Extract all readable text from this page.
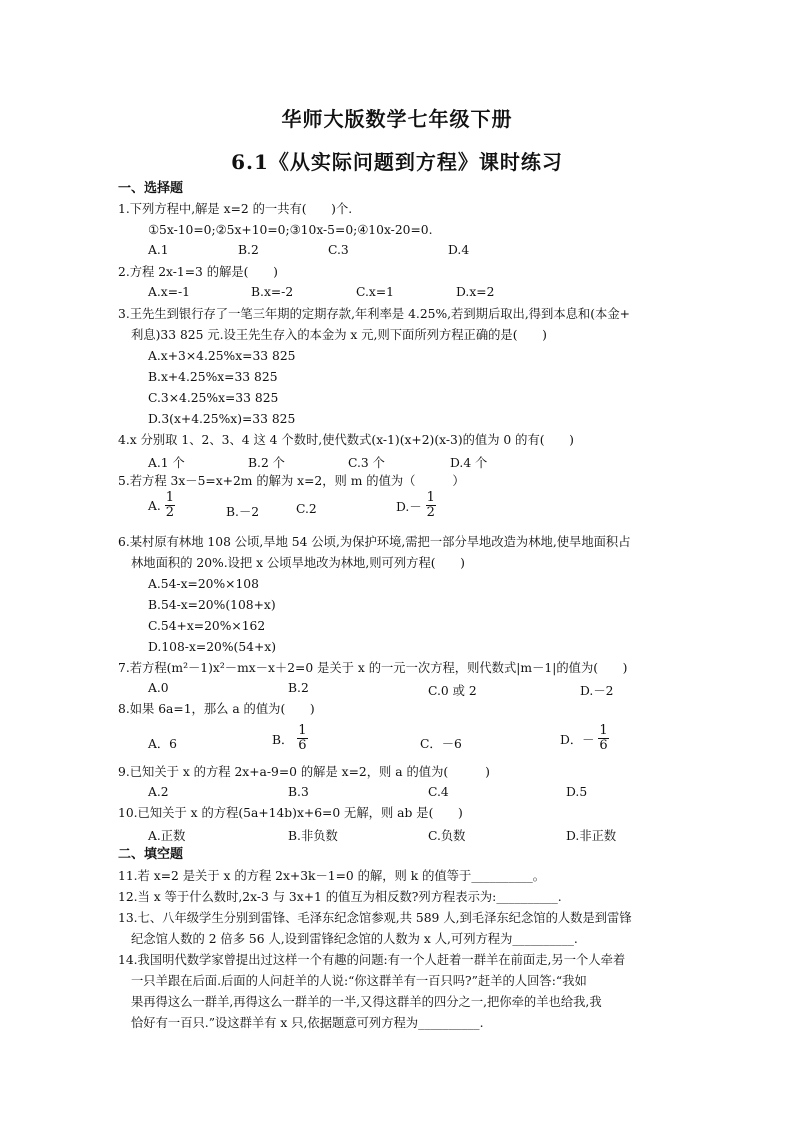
华师大版数学七年级下册
6.1《从实际问题到方程》课时练习
一、选择题
1.下列方程中,解是 x=2 的一共有(　　)个.
①5x-10=0;②5x+10=0;③10x-5=0;④10x-20=0.
A.1	B.2	C.3	D.4
2.方程 2x-1=3 的解是(　　)
A.x=-1	B.x=-2	C.x=1	D.x=2
3.王先生到银行存了一笔三年期的定期存款,年利率是 4.25%,若到期后取出,得到本息和(本金+
利息)33 825 元.设王先生存入的本金为 x 元,则下面所列方程正确的是(　　)
A.x+3×4.25%x=33 825
B.x+4.25%x=33 825
C.3×4.25%x=33 825
D.3(x+4.25%x)=33 825
4.x 分别取 1、2、3、4 这 4 个数时,使代数式(x-1)(x+2)(x-3)的值为 0 的有(　　)
A.1 个	B.2 个	C.3 个	D.4 个
5.若方程 3x－5=x+2m 的解为 x=2，则 m 的值为（　　　）
A. $\frac{1}{2}$	B.－2	C.2	$D.- \frac{1}{2}$
6.某村原有林地 108 公顷,旱地 54 公顷,为保护环境,需把一部分旱地改造为林地,使旱地面积占
林地面积的 20%.设把 x 公顷旱地改为林地,则可列方程(　　)
A.54-x=20%×108
B.54-x=20%(108+x)
C.54+x=20%×162
D.108-x=20%(54+x)
7.若方程(m²－1)x²－mx－x＋2=0 是关于 x 的一元一次方程，则代数式|m－1|的值为(　　)
A.0	B.2	C.0 或 2	D.－2
8.如果 6a=1，那么 a 的值为(　　)
A．6	B． $\frac{1}{6}$	C．－6	D．－ $\frac{1}{6}$
9.已知关于 x 的方程 2x+a-9=0 的解是 x=2，则 a 的值为(　　　)
A.2	B.3	C.4	D.5
10.已知关于 x 的方程(5a+14b)x+6=0 无解，则 ab 是(　　)
A.正数	B.非负数	C.负数	D.非正数
二、填空题
11.若 x=2 是关于 x 的方程 2x+3k－1=0 的解，则 k 的值等于__________。
12.当 x 等于什么数时,2x-3 与 3x+1 的值互为相反数?列方程表示为:__________.
13.七、八年级学生分别到雷锋、毛泽东纪念馆参观,共 589 人,到毛泽东纪念馆的人数是到雷锋
纪念馆人数的 2 倍多 56 人,设到雷锋纪念馆的人数为 x 人,可列方程为__________.
14.我国明代数学家曾提出过这样一个有趣的问题:有一个人赶着一群羊在前面走,另一个人牵着
一只羊跟在后面.后面的人问赶羊的人说:“你这群羊有一百只吗?”赶羊的人回答:“我如
果再得这么一群羊,再得这么一群羊的一半,又得这群羊的四分之一,把你牵的羊也给我,我
恰好有一百只.”设这群羊有 x 只,依据题意可列方程为__________.
